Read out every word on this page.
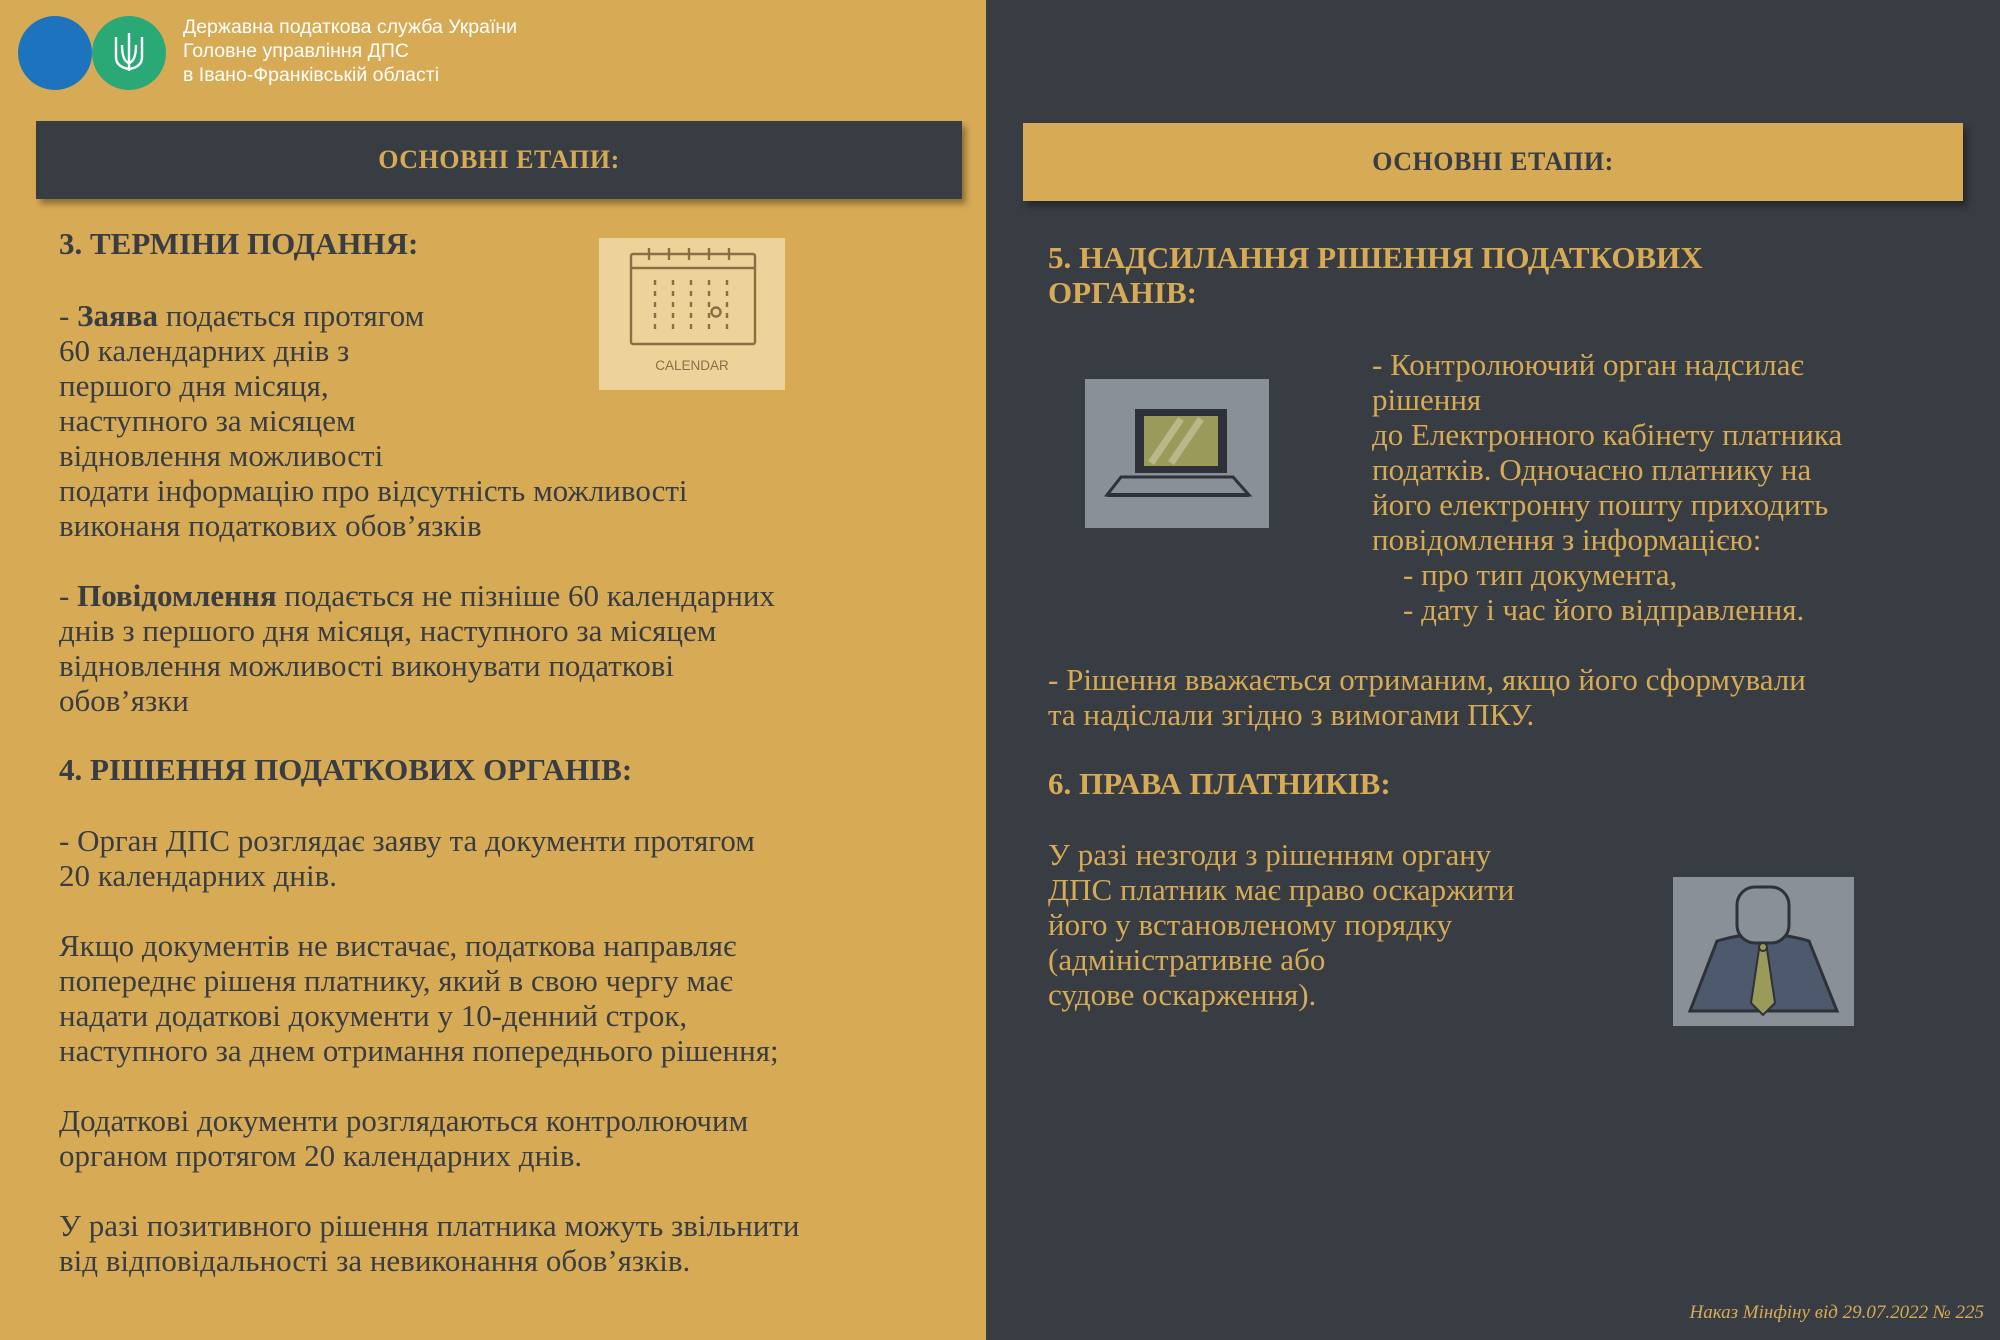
Державна податкова служба України
Головне управління ДПС
в Івано-Франківській області
ОСНОВНІ ЕТАПИ:
3. ТЕРМІНИ ПОДАННЯ:
- Заява подається протягом
60 календарних днів з
першого дня місяця,
наступного за місяцем
відновлення можливості
подати інформацію про відсутність можливості
виконаня податкових обов’язків
- Повідомлення подається не пізніше 60 календарних
днів з першого дня місяця, наступного за місяцем
відновлення можливості виконувати податкові
обов’язки
CALENDAR
4. РІШЕННЯ ПОДАТКОВИХ ОРГАНІВ:
- Орган ДПС розглядає заяву та документи протягом
20 календарних днів.
Якщо документів не вистачає, податкова направляє
попереднє рішеня платнику, який в свою чергу має
надати додаткові документи у 10-денний строк,
наступного за днем отримання попереднього рішення;
Додаткові документи розглядаються контролюючим
органом протягом 20 календарних днів.
У разі позитивного рішення платника можуть звільнити
від відповідальності за невиконання обов’язків.
ОСНОВНІ ЕТАПИ:
5. НАДСИЛАННЯ РІШЕННЯ ПОДАТКОВИХ
ОРГАНІВ:
- Контролюючий орган надсилає
рішення
до Електронного кабінету платника
податків. Одночасно платнику на
його електронну пошту приходить
повідомлення з інформацією:
- про тип документа,
- дату і час його відправлення.
- Рішення вважається отриманим, якщо його сформували
та надіслали згідно з вимогами ПКУ.
6. ПРАВА ПЛАТНИКІВ:
У разі незгоди з рішенням органу
ДПС платник має право оскаржити
його у встановленому порядку
(адміністративне або
судове оскарження).
Наказ Мінфіну від 29.07.2022 № 225
